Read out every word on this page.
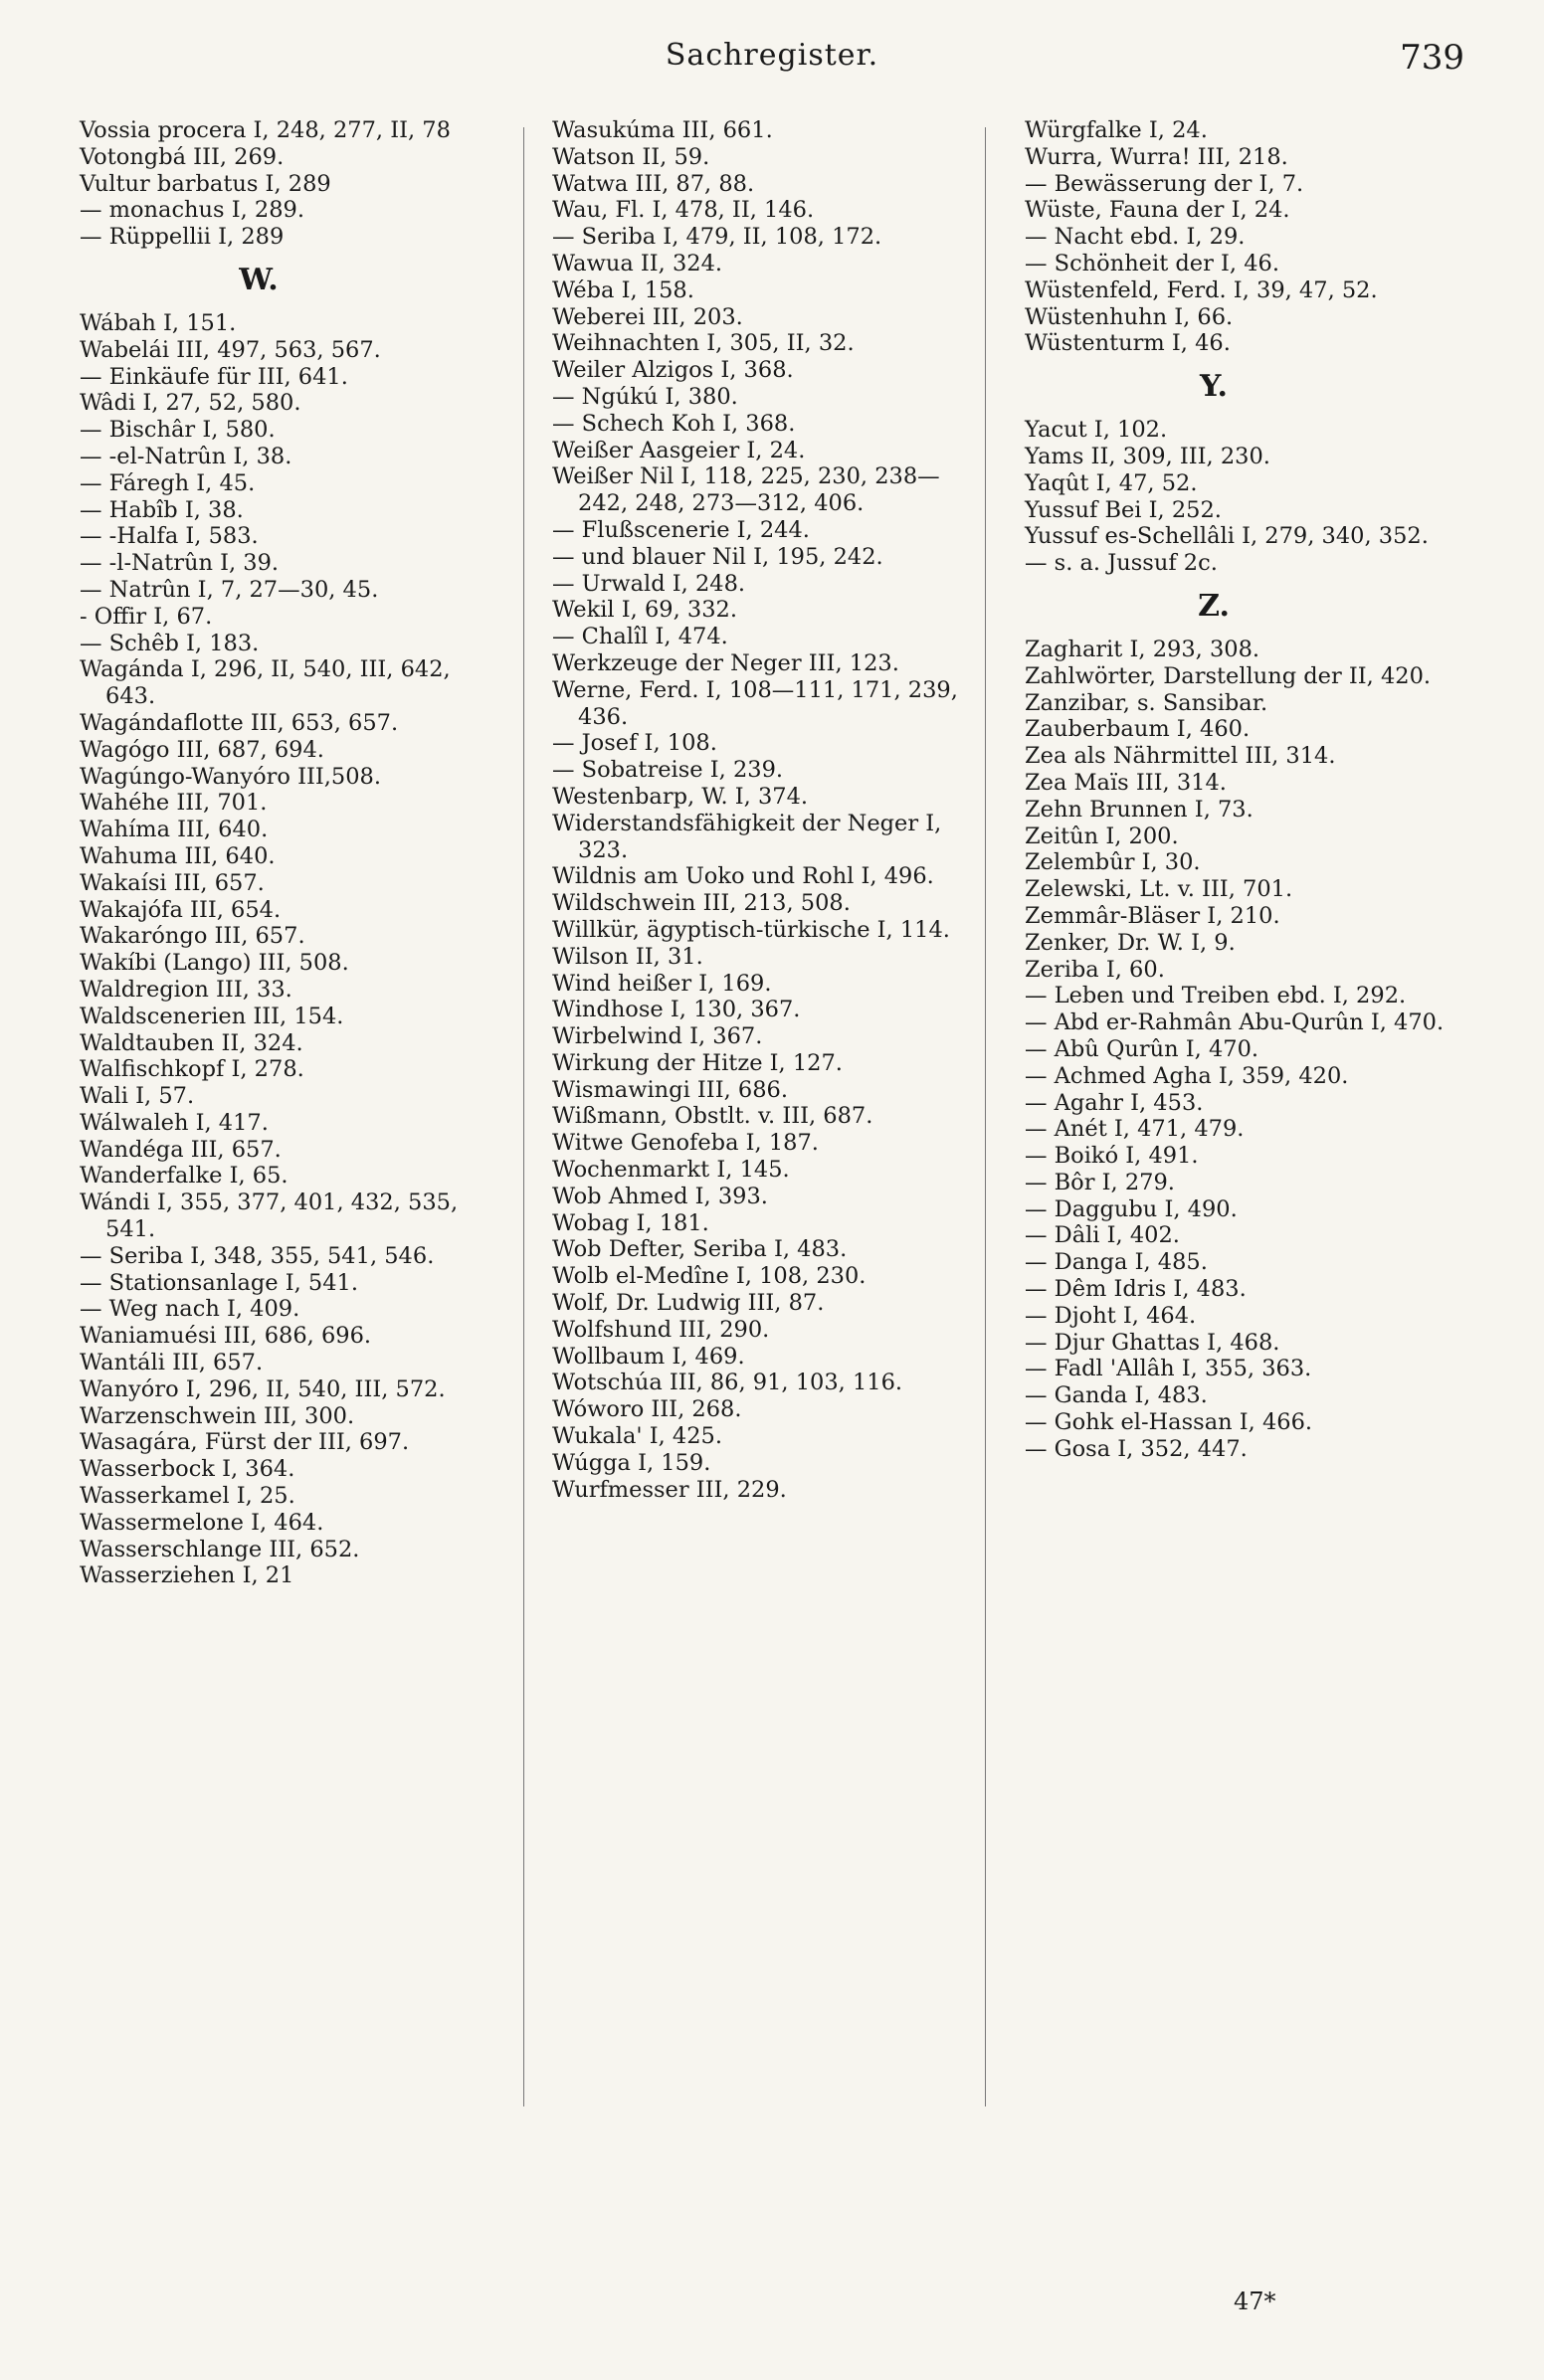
Sachregister.	739
Vossia procera I, 248, 277, II, 78
Votongbá III, 269.
Vultur barbatus I, 289
— monachus I, 289.
— Rüppellii I, 289
W.
Wábah I, 151.
Wabelái III, 497, 563, 567.
— Einkäufe für III, 641.
Wâdi I, 27, 52, 580.
— Bischâr I, 580.
— -el-Natrûn I, 38.
— Fáregh I, 45.
— Habîb I, 38.
— -Halfa I, 583.
— -l-Natrûn I, 39.
— Natrûn I, 7, 27—30, 45.
- Offir I, 67.
— Schêb I, 183.
Wagánda I, 296, II, 540, III, 642, 643.
Wagándaflotte III, 653, 657.
Wagógo III, 687, 694.
Wagúngo-Wanyóro III,508.
Wahéhe III, 701.
Wahíma III, 640.
Wahuma III, 640.
Wakaísi III, 657.
Wakajófa III, 654.
Wakaróngo III, 657.
Wakíbi (Lango) III, 508.
Waldregion III, 33.
Waldscenerien III, 154.
Waldtauben II, 324.
Walfischkopf I, 278.
Wali I, 57.
Wálwaleh I, 417.
Wandéga III, 657.
Wanderfalke I, 65.
Wándi I, 355, 377, 401, 432, 535, 541.
— Seriba I, 348, 355, 541, 546.
— Stationsanlage I, 541.
— Weg nach I, 409.
Waniamuési III, 686, 696.
Wantáli III, 657.
Wanyóro I, 296, II, 540, III, 572.
Warzenschwein III, 300.
Wasagára, Fürst der III, 697.
Wasserbock I, 364.
Wasserkamel I, 25.
Wassermelone I, 464.
Wasserschlange III, 652.
Wasserziehen I, 21
Wasukúma III, 661.
Watson II, 59.
Watwa III, 87, 88.
Wau, Fl. I, 478, II, 146.
— Seriba I, 479, II, 108, 172.
Wawua II, 324.
Wéba I, 158.
Weberei III, 203.
Weihnachten I, 305, II, 32.
Weiler Alzigos I, 368.
— Ngúkú I, 380.
— Schech Koh I, 368.
Weißer Aasgeier I, 24.
Weißer Nil I, 118, 225, 230, 238—242, 248, 273—312, 406.
— Flußscenerie I, 244.
— und blauer Nil I, 195, 242.
— Urwald I, 248.
Wekil I, 69, 332.
— Chalîl I, 474.
Werkzeuge der Neger III, 123.
Werne, Ferd. I, 108—111, 171, 239, 436.
— Josef I, 108.
— Sobatreise I, 239.
Westenbarp, W. I, 374.
Widerstandsfähigkeit der Neger I, 323.
Wildnis am Uoko und Rohl I, 496.
Wildschwein III, 213, 508.
Willkür, ägyptisch-türkische I, 114.
Wilson II, 31.
Wind heißer I, 169.
Windhose I, 130, 367.
Wirbelwind I, 367.
Wirkung der Hitze I, 127.
Wismawingi III, 686.
Wißmann, Obstlt. v. III, 687.
Witwe Genofeba I, 187.
Wochenmarkt I, 145.
Wob Ahmed I, 393.
Wobag I, 181.
Wob Defter, Seriba I, 483.
Wolb el-Medîne I, 108, 230.
Wolf, Dr. Ludwig III, 87.
Wolfshund III, 290.
Wollbaum I, 469.
Wotschúa III, 86, 91, 103, 116.
Wóworo III, 268.
Wukala' I, 425.
Wúgga I, 159.
Wurfmesser III, 229.
Würgfalke I, 24.
Wurra, Wurra! III, 218.
— Bewässerung der I, 7.
Wüste, Fauna der I, 24.
— Nacht ebd. I, 29.
— Schönheit der I, 46.
Wüstenfeld, Ferd. I, 39, 47, 52.
Wüstenhuhn I, 66.
Wüstenturm I, 46.
Y.
Yacut I, 102.
Yams II, 309, III, 230.
Yaqût I, 47, 52.
Yussuf Bei I, 252.
Yussuf es-Schellâli I, 279, 340, 352.
— s. a. Jussuf 2c.
Z.
Zagharit I, 293, 308.
Zahlwörter, Darstellung der II, 420.
Zanzibar, s. Sansibar.
Zauberbaum I, 460.
Zea als Nährmittel III, 314.
Zea Maïs III, 314.
Zehn Brunnen I, 73.
Zeitûn I, 200.
Zelembûr I, 30.
Zelewski, Lt. v. III, 701.
Zemmâr-Bläser I, 210.
Zenker, Dr. W. I, 9.
Zeriba I, 60.
— Leben und Treiben ebd. I, 292.
— Abd er-Rahmân Abu-Qurûn I, 470.
— Abû Qurûn I, 470.
— Achmed Agha I, 359, 420.
— Agahr I, 453.
— Anét I, 471, 479.
— Boikó I, 491.
— Bôr I, 279.
— Daggubu I, 490.
— Dâli I, 402.
— Danga I, 485.
— Dêm Idris I, 483.
— Djoht I, 464.
— Djur Ghattas I, 468.
— Fadl 'Allâh I, 355, 363.
— Ganda I, 483.
— Gohk el-Hassan I, 466.
— Gosa I, 352, 447.
47*
